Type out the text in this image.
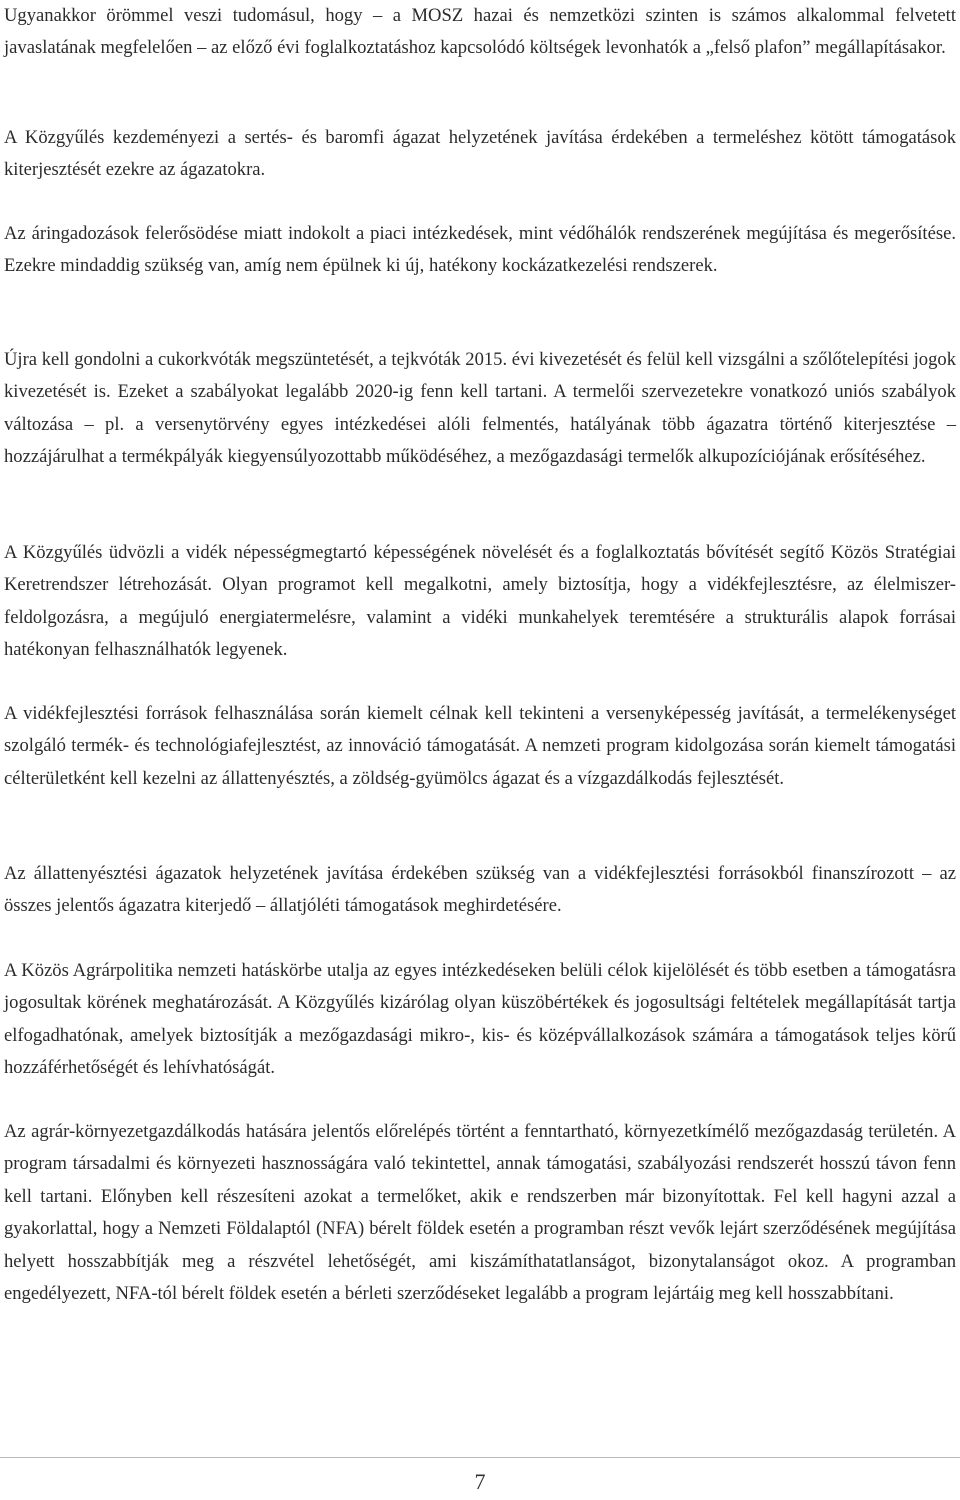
Ugyanakkor örömmel veszi tudomásul, hogy – a MOSZ hazai és nemzetközi szinten is számos alkalommal felvetett javaslatának megfelelően – az előző évi foglalkoztatáshoz kapcsolódó költségek levonhatók a „felső plafon” megállapításakor.

A Közgyűlés kezdeményezi a sertés- és baromfi ágazat helyzetének javítása érdekében a termeléshez kötött támogatások kiterjesztését ezekre az ágazatokra.

Az áringadozások felerősödése miatt indokolt a piaci intézkedések, mint védőhálók rendszerének megújítása és megerősítése. Ezekre mindaddig szükség van, amíg nem épülnek ki új, hatékony kockázatkezelési rendszerek.

Újra kell gondolni a cukorkvóták megszüntetését, a tejkvóták 2015. évi kivezetését és felül kell vizsgálni a szőlőtelepítési jogok kivezetését is. Ezeket a szabályokat legalább 2020-ig fenn kell tartani. A termelői szervezetekre vonatkozó uniós szabályok változása – pl. a versenytörvény egyes intézkedései alóli felmentés, hatályának több ágazatra történő kiterjesztése – hozzájárulhat a termékpályák kiegyensúlyozottabb működéséhez, a mezőgazdasági termelők alkupozíciójának erősítéséhez.

A Közgyűlés üdvözli a vidék népességmegtartó képességének növelését és a foglalkoztatás bővítését segítő Közös Stratégiai Keretrendszer létrehozását. Olyan programot kell megalkotni, amely biztosítja, hogy a vidékfejlesztésre, az élelmiszer-feldolgozásra, a megújuló energiatermelésre, valamint a vidéki munkahelyek teremtésére a strukturális alapok forrásai hatékonyan felhasználhatók legyenek.

A vidékfejlesztési források felhasználása során kiemelt célnak kell tekinteni a versenyképesség javítását, a termelékenységet szolgáló termék- és technológiafejlesztést, az innováció támogatását. A nemzeti program kidolgozása során kiemelt támogatási célterületként kell kezelni az állattenyésztés, a zöldség-gyümölcs ágazat és a vízgazdálkodás fejlesztését.

Az állattenyésztési ágazatok helyzetének javítása érdekében szükség van a vidékfejlesztési forrásokból finanszírozott – az összes jelentős ágazatra kiterjedő – állatjóléti támogatások meghirdetésére.

A Közös Agrárpolitika nemzeti hatáskörbe utalja az egyes intézkedéseken belüli célok kijelölését és több esetben a támogatásra jogosultak körének meghatározását. A Közgyűlés kizárólag olyan küszöbértékek és jogosultsági feltételek megállapítását tartja elfogadhatónak, amelyek biztosítják a mezőgazdasági mikro-, kis- és középvállalkozások számára a támogatások teljes körű hozzáférhetőségét és lehívhatóságát.

Az agrár-környezetgazdálkodás hatására jelentős előrelépés történt a fenntartható, környezetkímélő mezőgazdaság területén. A program társadalmi és környezeti hasznosságára való tekintettel, annak támogatási, szabályozási rendszerét hosszú távon fenn kell tartani. Előnyben kell részesíteni azokat a termelőket, akik e rendszerben már bizonyítottak. Fel kell hagyni azzal a gyakorlattal, hogy a Nemzeti Földalaptól (NFA) bérelt földek esetén a programban részt vevők lejárt szerződésének megújítása helyett hosszabbítják meg a részvétel lehetőségét, ami kiszámíthatatlanságot, bizonytalanságot okoz. A programban engedélyezett, NFA-tól bérelt földek esetén a bérleti szerződéseket legalább a program lejártáig meg kell hosszabbítani.

7
